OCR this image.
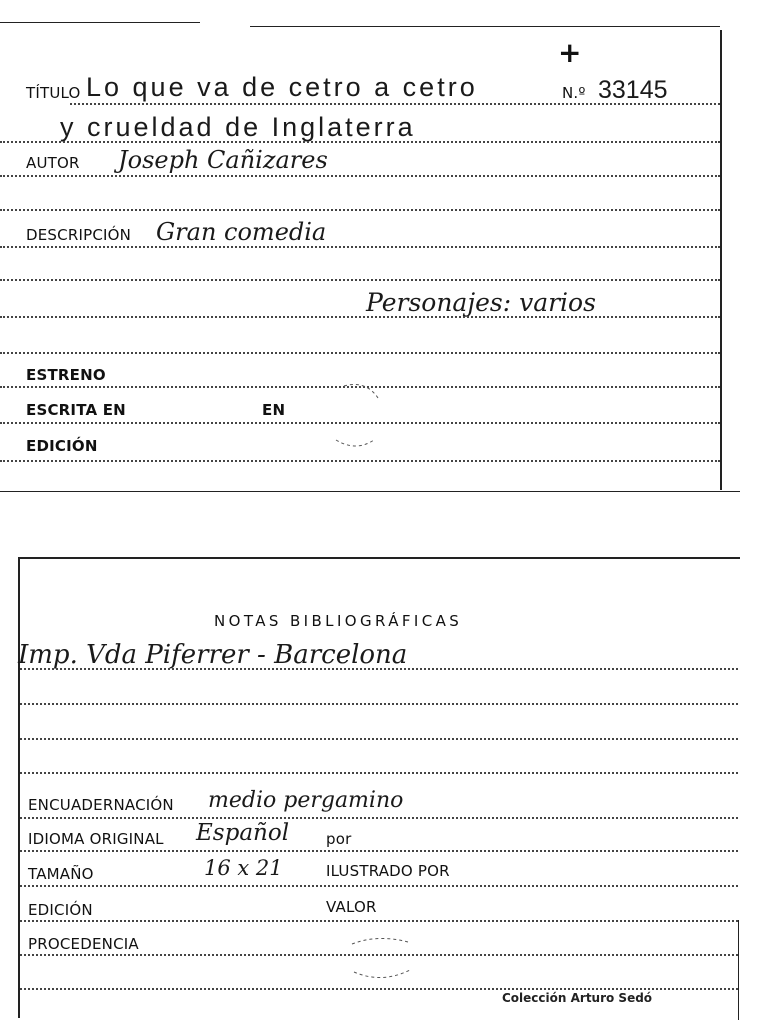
+
TÍTULO Lo que va de cetro a cetro	N.º 33145
y crueldad de Inglaterra
AUTOR Joseph Cañizares
DESCRIPCIÓN Gran comedia
Personajes: varios
ESTRENO
ESCRITA EN	EN
EDICIÓN
NOTAS BIBLIOGRÁFICAS
Imp. Vda Piferrer - Barcelona
ENCUADERNACIÓN medio pergamino
IDIOMA ORIGINAL Español por
TAMAÑO	16 x 21	ILUSTRADO POR
EDICIÓN	VALOR
PROCEDENCIA
Colección Arturo Sedó
